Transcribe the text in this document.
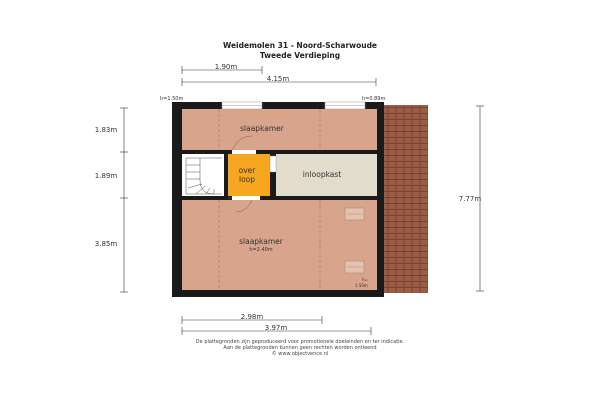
Weidemolen 31 - Noord-Scharwoude
Tweede Verdieping
1.90m
4.15m
1.83m
1.89m
3.85m
7.77m
slaapkamer
over
loop
inloopkast
slaapkamer
h=2.40m
h=1.50m	h=0.89m
h=
1.50m
2.98m
3.97m
De plattegronden zijn geproduceerd voor promotionele doeleinden en ter indicatie.
Aan de plattegronden kunnen geen rechten worden ontleend
© www.objectvence.nl
